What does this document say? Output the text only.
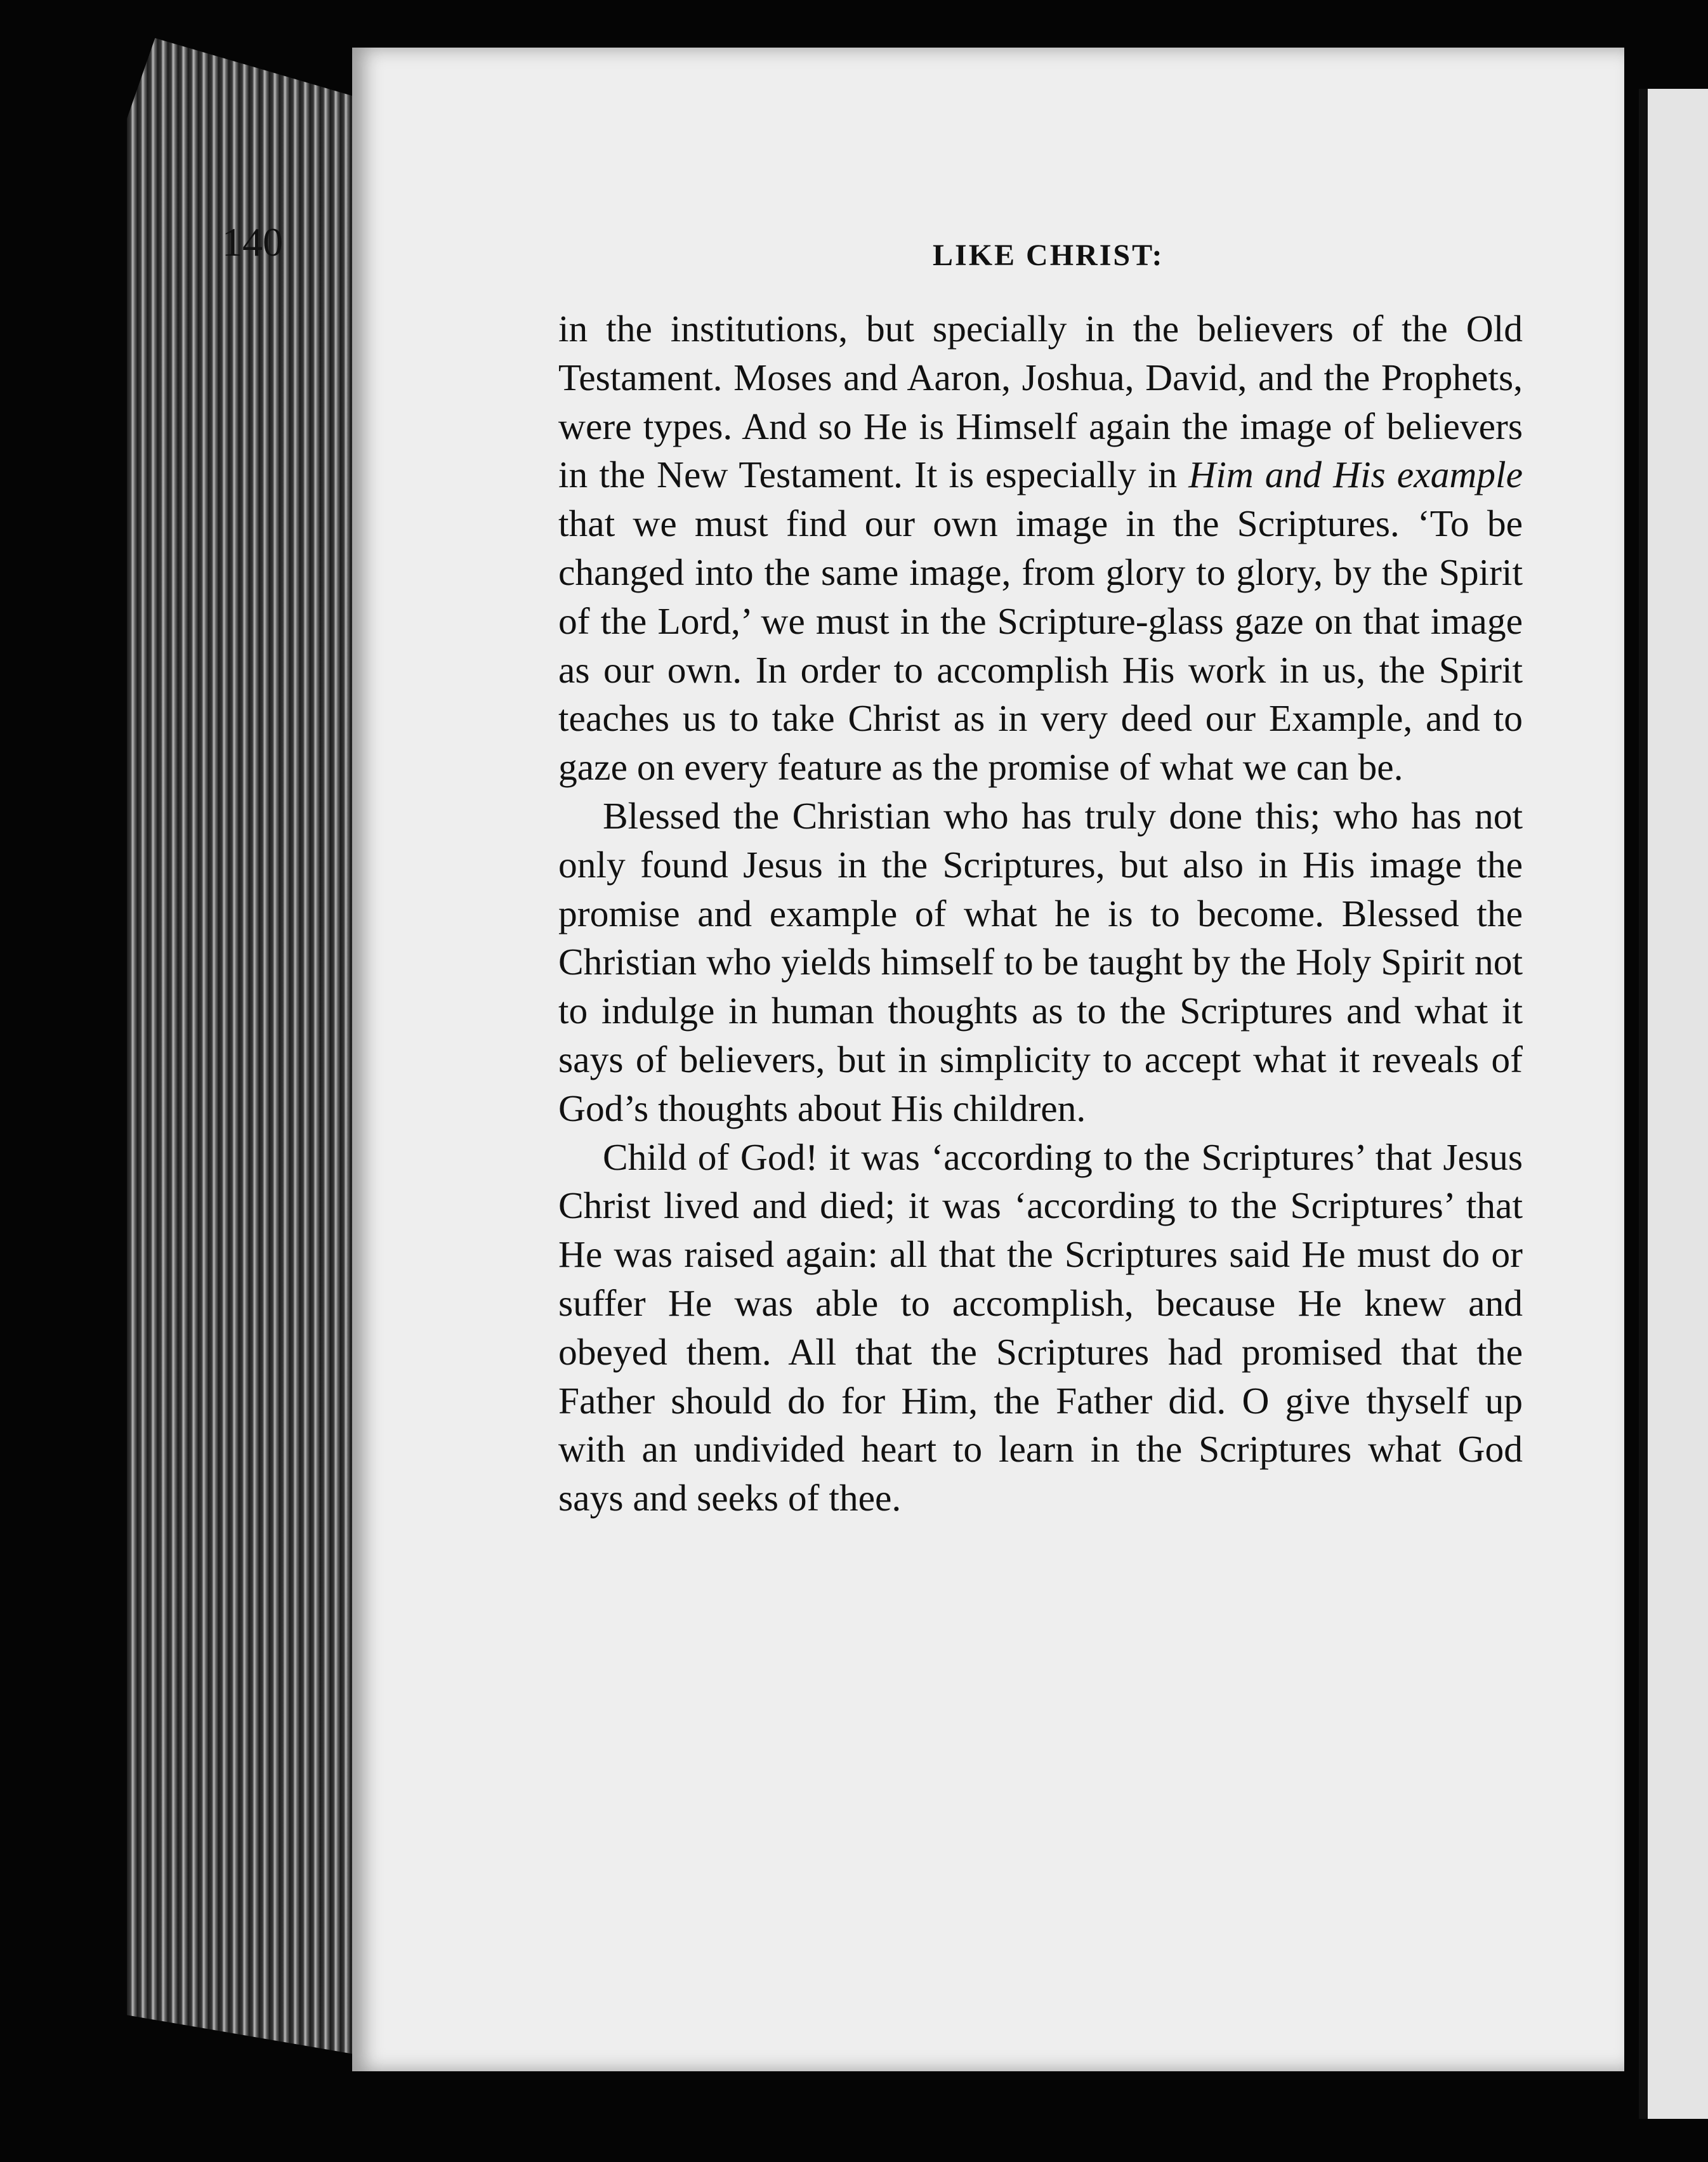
140	LIKE CHRIST:

in the institutions, but specially in the believers of the Old Testament. Moses and Aaron, Joshua, David, and the Prophets, were types. And so He is Himself again the image of believers in the New Testament. It is especially in Him and His example that we must find our own image in the Scriptures. ‘To be changed into the same image, from glory to glory, by the Spirit of the Lord,’ we must in the Scripture-glass gaze on that image as our own. In order to accomplish His work in us, the Spirit teaches us to take Christ as in very deed our Example, and to gaze on every feature as the promise of what we can be.

Blessed the Christian who has truly done this; who has not only found Jesus in the Scriptures, but also in His image the promise and example of what he is to become. Blessed the Christian who yields himself to be taught by the Holy Spirit not to indulge in human thoughts as to the Scriptures and what it says of believers, but in simplicity to accept what it reveals of God’s thoughts about His children.

Child of God! it was ‘according to the Scriptures’ that Jesus Christ lived and died; it was ‘according to the Scriptures’ that He was raised again: all that the Scriptures said He must do or suffer He was able to accomplish, because He knew and obeyed them. All that the Scriptures had promised that the Father should do for Him, the Father did. O give thyself up with an undivided heart to learn in the Scriptures what God says and seeks of thee.
